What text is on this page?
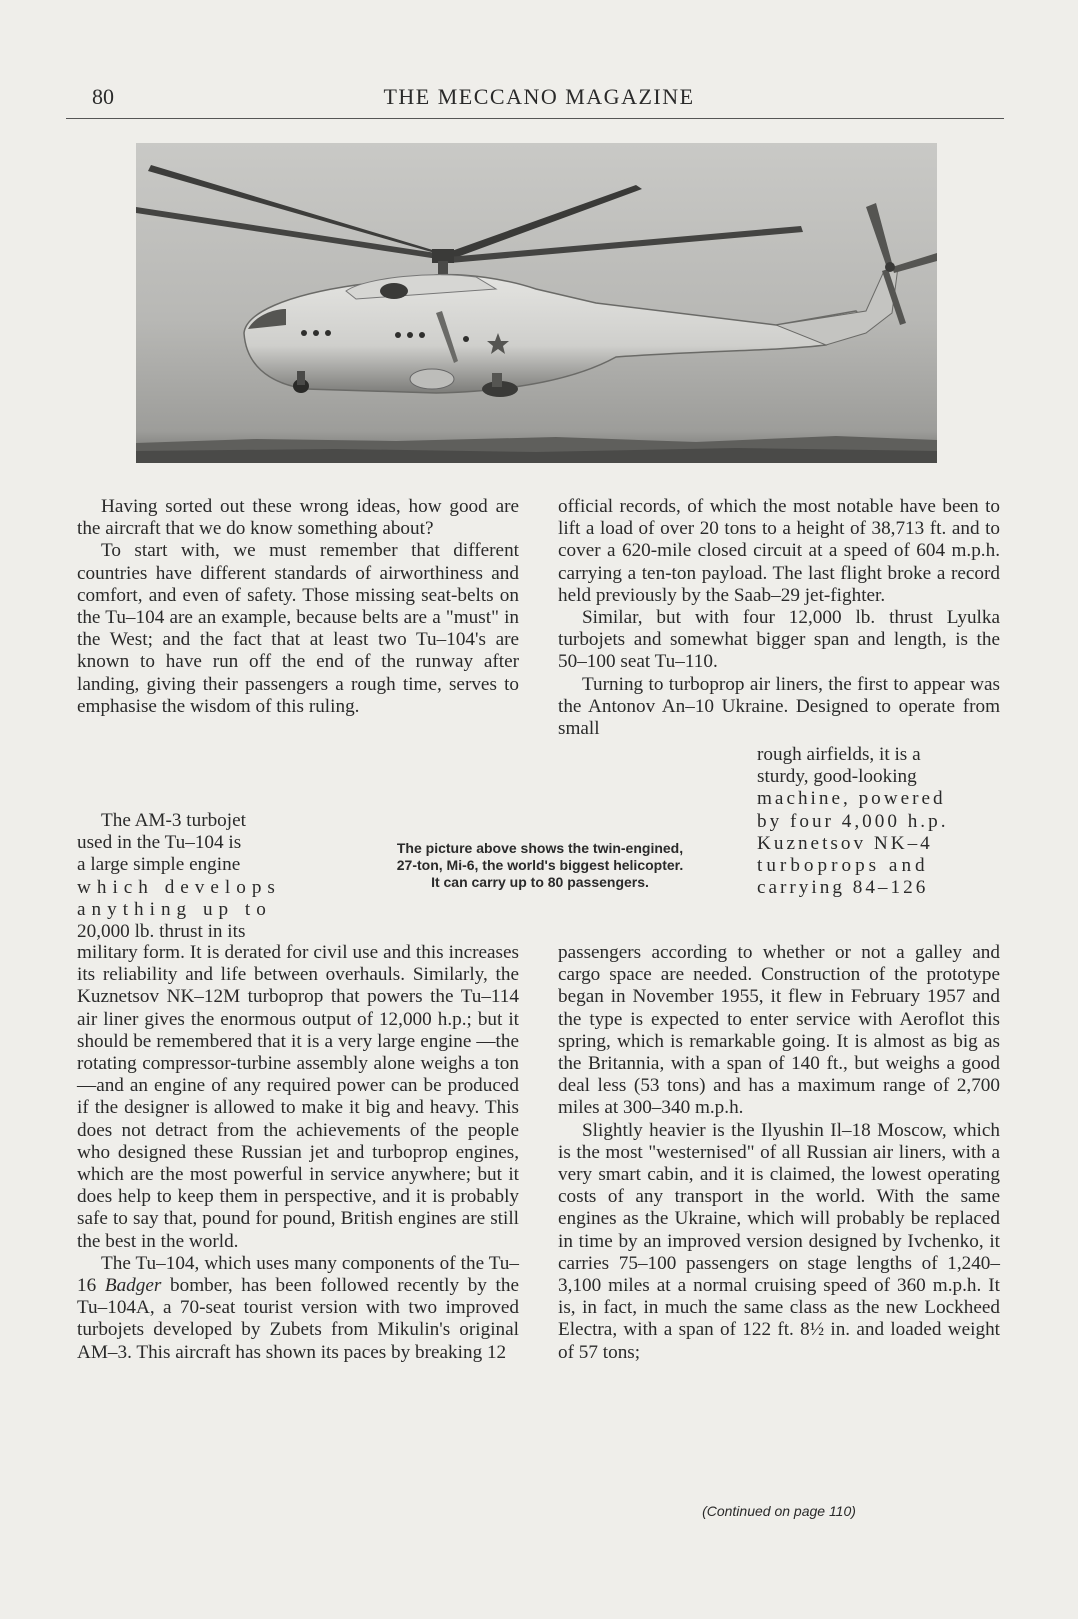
80	THE MECCANO MAGAZINE

Having sorted out these wrong ideas, how good are the aircraft that we do know something about?

To start with, we must remember that different countries have different standards of airworthiness and comfort, and even of safety. Those missing seat-belts on the Tu–104 are an example, because belts are a "must" in the West; and the fact that at least two Tu–104's are known to have run off the end of the runway after landing, giving their passengers a rough time, serves to emphasise the wisdom of this ruling.

The AM-3 turbojet
used in the Tu–104 is
a large simple engine
which develops
anything up to
20,000 lb. thrust in its

military form. It is derated for civil use and this increases its reliability and life between overhauls. Similarly, the Kuznetsov NK–12M turboprop that powers the Tu–114 air liner gives the enormous output of 12,000 h.p.; but it should be remembered that it is a very large engine —the rotating compressor-turbine assembly alone weighs a ton—and an engine of any required power can be produced if the designer is allowed to make it big and heavy. This does not detract from the achievements of the people who designed these Russian jet and turboprop engines, which are the most powerful in service anywhere; but it does help to keep them in perspective, and it is probably safe to say that, pound for pound, British engines are still the best in the world.

The Tu–104, which uses many components of the Tu–16 Badger bomber, has been followed recently by the Tu–104A, a 70-seat tourist version with two improved turbojets developed by Zubets from Mikulin's original AM–3. This aircraft has shown its paces by breaking 12

The picture above shows the twin-engined,
27-ton, Mi-6, the world's biggest helicopter.
It can carry up to 80 passengers.

official records, of which the most notable have been to lift a load of over 20 tons to a height of 38,713 ft. and to cover a 620-mile closed circuit at a speed of 604 m.p.h. carrying a ten-ton payload. The last flight broke a record held previously by the Saab–29 jet-fighter.

Similar, but with four 12,000 lb. thrust Lyulka turbojets and somewhat bigger span and length, is the 50–100 seat Tu–110.

Turning to turboprop air liners, the first to appear was the Antonov An–10 Ukraine. Designed to operate from small

rough airfields, it is a
sturdy, good-looking
machine, powered
by four 4,000 h.p.
Kuznetsov NK–4
turboprops and
carrying 84–126

passengers according to whether or not a galley and cargo space are needed. Construction of the prototype began in November 1955, it flew in February 1957 and the type is expected to enter service with Aeroflot this spring, which is remarkable going. It is almost as big as the Britannia, with a span of 140 ft., but weighs a good deal less (53 tons) and has a maximum range of 2,700 miles at 300–340 m.p.h.

Slightly heavier is the Ilyushin Il–18 Moscow, which is the most "westernised" of all Russian air liners, with a very smart cabin, and it is claimed, the lowest operating costs of any transport in the world. With the same engines as the Ukraine, which will probably be replaced in time by an improved version designed by Ivchenko, it carries 75–100 passengers on stage lengths of 1,240–3,100 miles at a normal cruising speed of 360 m.p.h. It is, in fact, in much the same class as the new Lockheed Electra, with a span of 122 ft. 8½ in. and loaded weight of 57 tons;

(Continued on page 110)
